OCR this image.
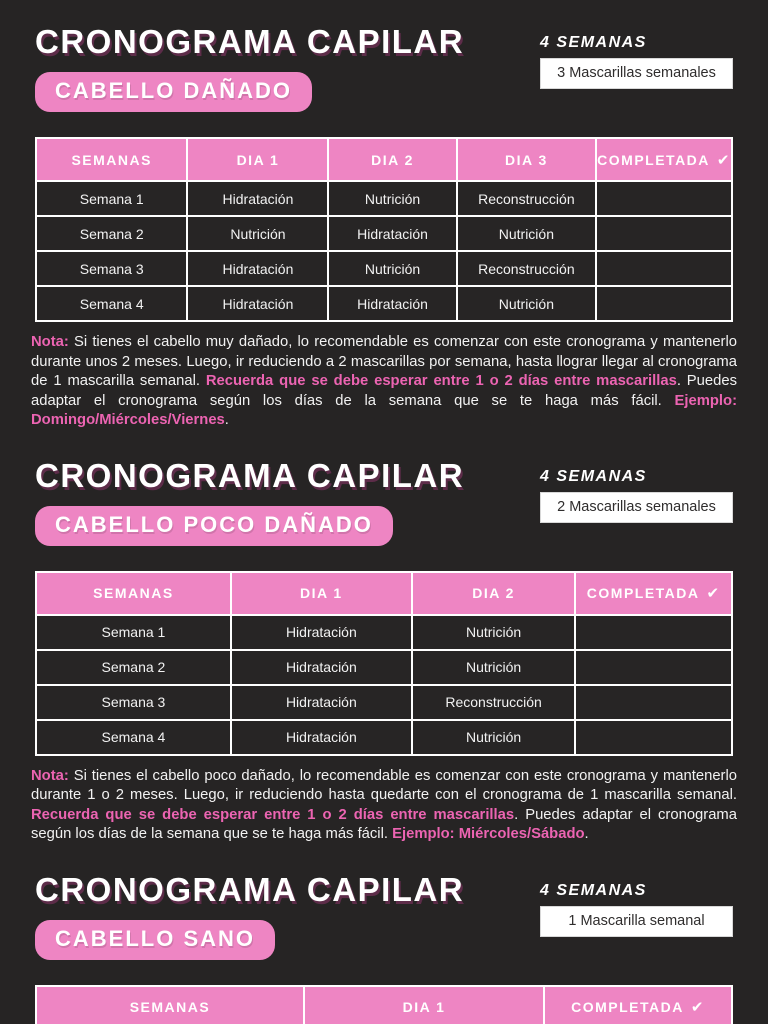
CRONOGRAMA CAPILAR
CABELLO DAÑADO
4 SEMANAS
3 Mascarillas semanales
SEMANAS	DIA 1	DIA 2	DIA 3	COMPLETADA ✔
Semana 1	Hidratación	Nutrición	Reconstrucción	
Semana 2	Nutrición	Hidratación	Nutrición	
Semana 3	Hidratación	Nutrición	Reconstrucción	
Semana 4	Hidratación	Hidratación	Nutrición	

Nota: Si tienes el cabello muy dañado, lo recomendable es comenzar con este cronograma y mantenerlo durante unos 2 meses. Luego, ir reduciendo a 2 mascarillas por semana, hasta llograr llegar al cronograma de 1 mascarilla semanal. Recuerda que se debe esperar entre 1 o 2 días entre mascarillas. Puedes adaptar el cronograma según los días de la semana que se te haga más fácil. Ejemplo: Domingo/Miércoles/Viernes.

CRONOGRAMA CAPILAR
CABELLO POCO DAÑADO
4 SEMANAS
2 Mascarillas semanales
SEMANAS	DIA 1	DIA 2	COMPLETADA ✔
Semana 1	Hidratación	Nutrición	
Semana 2	Hidratación	Nutrición	
Semana 3	Hidratación	Reconstrucción	
Semana 4	Hidratación	Nutrición	

Nota: Si tienes el cabello poco dañado, lo recomendable es comenzar con este cronograma y mantenerlo durante 1 o 2 meses. Luego, ir reduciendo hasta quedarte con el cronograma de 1 mascarilla semanal. Recuerda que se debe esperar entre 1 o 2 días entre mascarillas. Puedes adaptar el cronograma según los días de la semana que se te haga más fácil. Ejemplo: Miércoles/Sábado.

CRONOGRAMA CAPILAR
CABELLO SANO
4 SEMANAS
1 Mascarilla semanal
SEMANAS	DIA 1	COMPLETADA ✔
